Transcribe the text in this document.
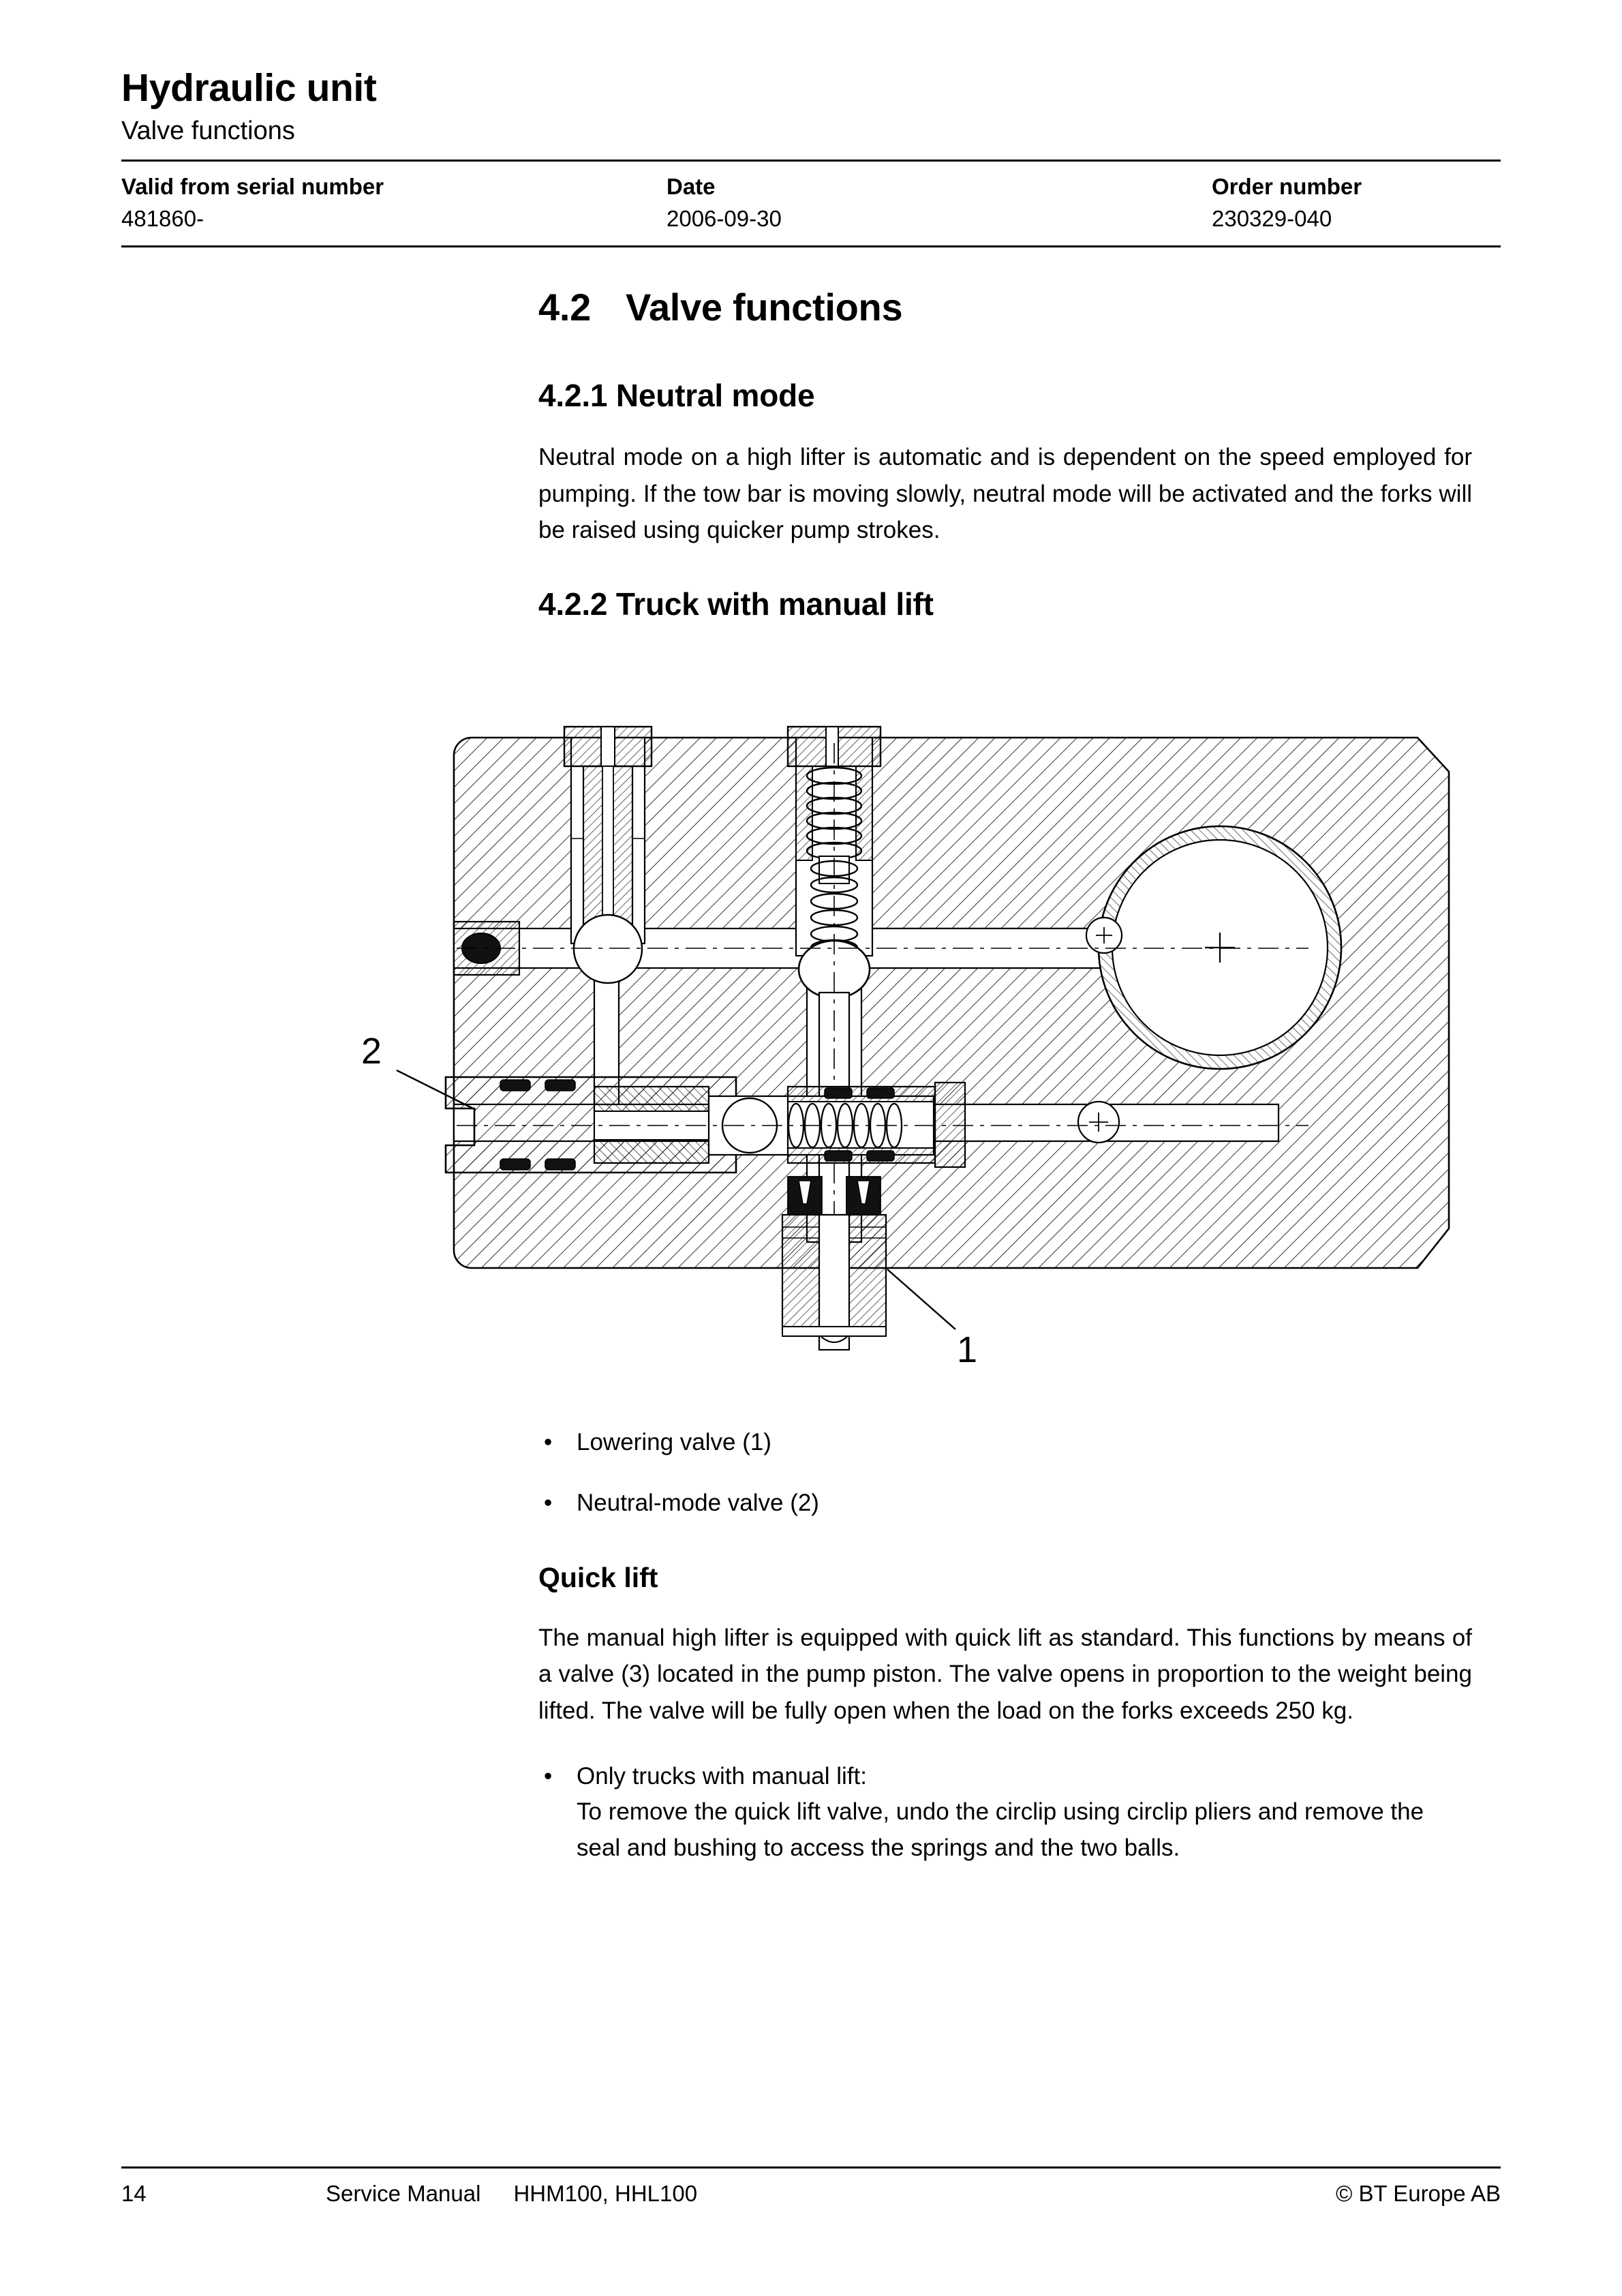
Hydraulic unit
Valve functions
Valid from serial number	Date	Order number
481860-	2006-09-30	230329-040
4.2 Valve functions
4.2.1 Neutral mode

Neutral mode on a high lifter is automatic and is dependent on the speed employed for pumping. If the tow bar is moving slowly, neutral mode will be activated and the forks will be raised using quicker pump strokes.

4.2.2 Truck with manual lift
2
1
• Lowering valve (1)
• Neutral-mode valve (2)
Quick lift

The manual high lifter is equipped with quick lift as standard. This functions by means of a valve (3) located in the pump piston. The valve opens in proportion to the weight being lifted. The valve will be fully open when the load on the forks exceeds 250 kg.

• Only trucks with manual lift:
To remove the quick lift valve, undo the circlip using circlip pliers and remove the seal and bushing to access the springs and the two balls.
14	Service Manual HHM100, HHL100	© BT Europe AB
